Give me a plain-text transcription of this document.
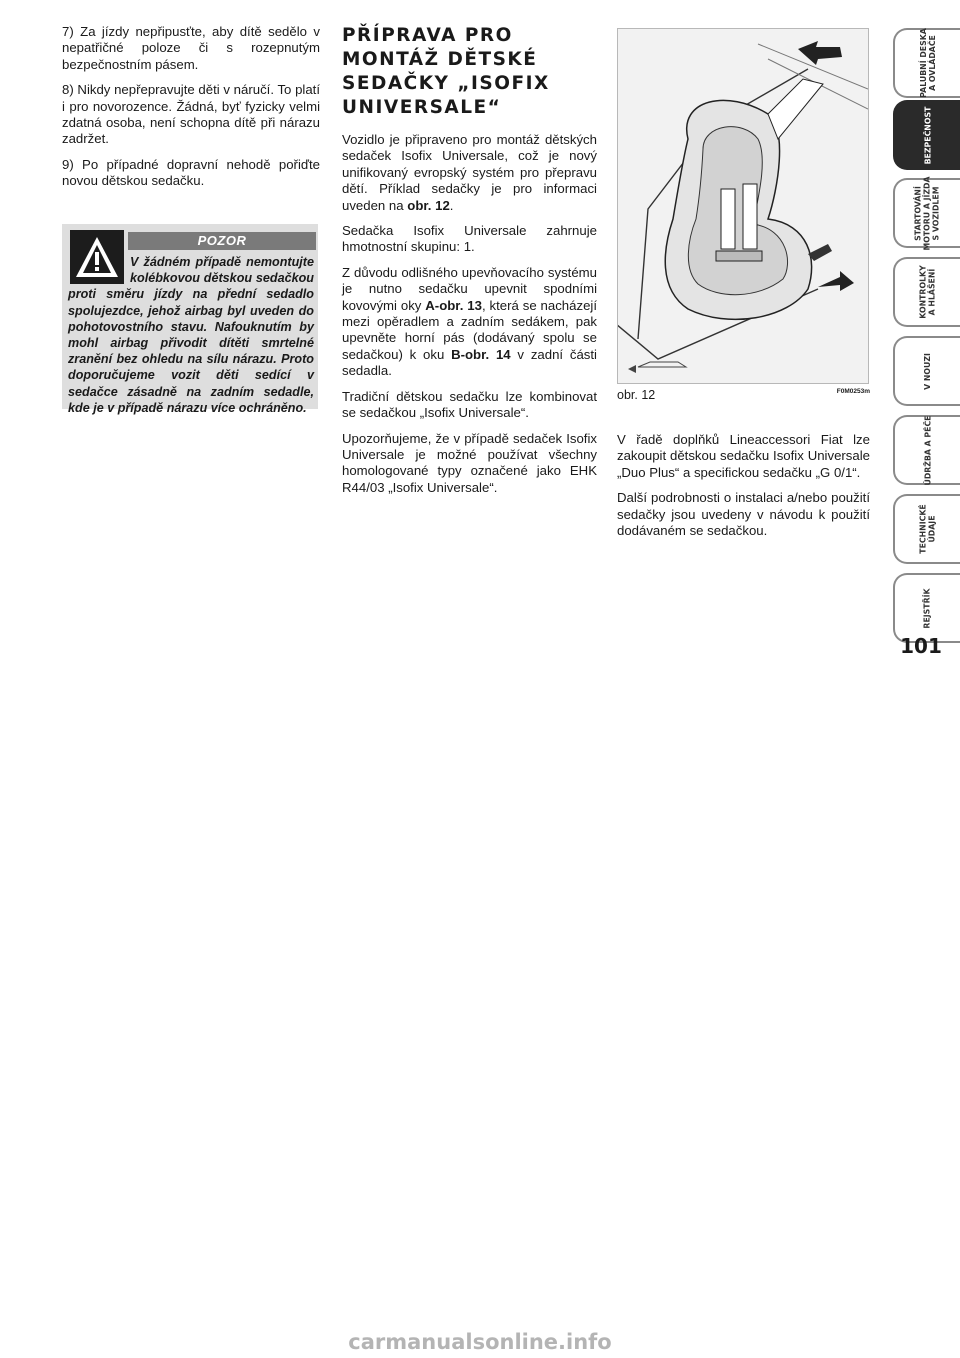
7) Za jízdy nepřipusťte, aby dítě sedělo v nepatřičné poloze či s rozepnutým bezpečnostním pásem.

8) Nikdy nepřepravujte děti v náručí. To platí i pro novorozence. Žádná, byť fyzicky velmi zdatná osoba, není schopna dítě při nárazu zadržet.

9) Po případné dopravní nehodě pořiďte novou dětskou sedačku.

POZOR
V žádném případě nemontujte kolébkovou dětskou sedačkou proti směru jízdy na přední sedadlo spolujezdce, jehož airbag byl uveden do pohotovostního stavu. Nafouknutím by mohl airbag přivodit dítěti smrtelné zranění bez ohledu na sílu nárazu. Proto doporučujeme vozit děti sedící v sedačce zásadně na zadním sedadle, kde je v případě nárazu více ochráněno.
PŘÍPRAVA PRO MONTÁŽ DĚTSKÉ SEDAČKY „ISOFIX UNIVERSALE“

Vozidlo je připraveno pro montáž dětských sedaček Isofix Universale, což je nový unifikovaný evropský systém pro přepravu dětí. Příklad sedačky je pro informaci uveden na obr. 12.

Sedačka Isofix Universale zahrnuje hmotnostní skupinu: 1.

Z důvodu odlišného upevňovacího systému je nutno sedačku upevnit spodními kovovými oky A-obr. 13, která se nacházejí mezi opěradlem a zadním sedákem, pak upevněte horní pás (dodávaný spolu se sedačkou) k oku B-obr. 14 v zadní části sedadla.

Tradiční dětskou sedačku lze kombinovat se sedačkou „Isofix Universale“.

Upozorňujeme, že v případě sedaček Isofix Universale je možné používat všechny homologované typy označené jako EHK R44/03 „Isofix Universale“.

obr. 12	F0M0253m

V řadě doplňků Lineaccessori Fiat lze zakoupit dětskou sedačku Isofix Universale „Duo Plus“ a specifickou sedačku „G 0/1“.

Další podrobnosti o instalaci a/nebo použití sedačky jsou uvedeny v návodu k použití dodávaném se sedačkou.

PALUBNÍ DESKA
A OVLÁDAČE
BEZPEČNOST
STARTOVÁNÍ
MOTORU A JÍZDA
S VOZIDLEM
KONTROLKY
A HLÁŠENÍ
V NOUZI
ÚDRŽBA A PÉČE
TECHNICKÉ
ÚDAJE
REJSTŘÍK
101
carmanualsonline.info
